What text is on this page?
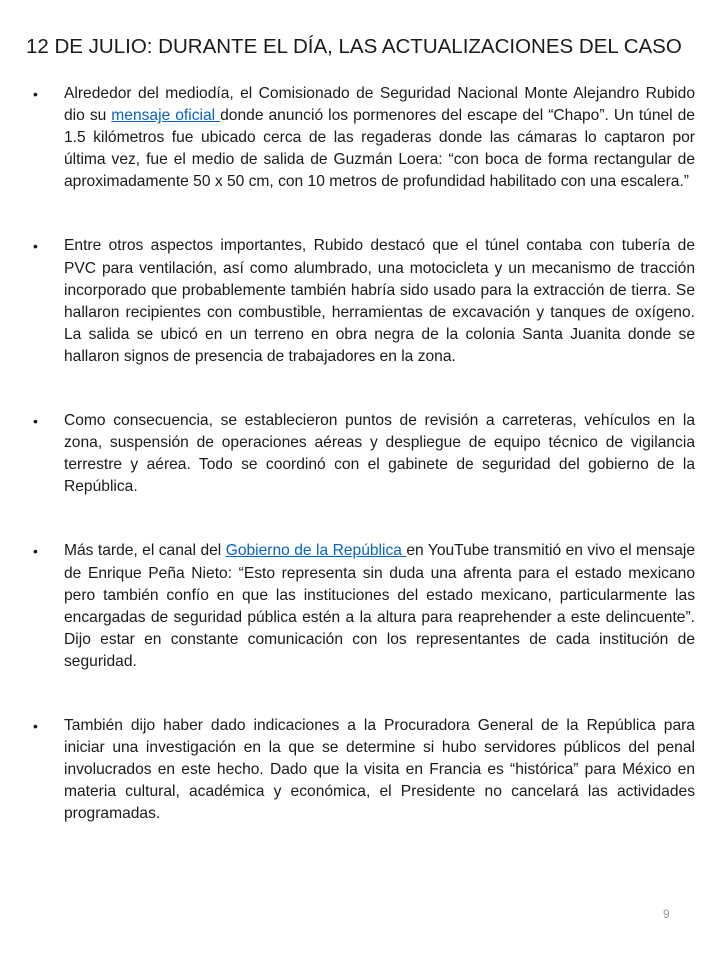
12 DE JULIO: DURANTE EL DÍA, LAS ACTUALIZACIONES DEL CASO
• Alrededor del mediodía, el Comisionado de Seguridad Nacional Monte Alejandro Rubido dio su mensaje oficial donde anunció los pormenores del escape del “Chapo”. Un túnel de 1.5 kilómetros fue ubicado cerca de las regaderas donde las cámaras lo captaron por última vez, fue el medio de salida de Guzmán Loera: “con boca de forma rectangular de aproximadamente 50 x 50 cm, con 10 metros de profundidad habilitado con una escalera.”
• Entre otros aspectos importantes, Rubido destacó que el túnel contaba con tubería de PVC para ventilación, así como alumbrado, una motocicleta y un mecanismo de tracción incorporado que probablemente también habría sido usado para la extracción de tierra. Se hallaron recipientes con combustible, herramientas de excavación y tanques de oxígeno. La salida se ubicó en un terreno en obra negra de la colonia Santa Juanita donde se hallaron signos de presencia de trabajadores en la zona.
• Como consecuencia, se establecieron puntos de revisión a carreteras, vehículos en la zona, suspensión de operaciones aéreas y despliegue de equipo técnico de vigilancia terrestre y aérea. Todo se coordinó con el gabinete de seguridad del gobierno de la República.
• Más tarde, el canal del Gobierno de la República en YouTube transmitió en vivo el mensaje de Enrique Peña Nieto: “Esto representa sin duda una afrenta para el estado mexicano pero también confío en que las instituciones del estado mexicano, particularmente las encargadas de seguridad pública estén a la altura para reaprehender a este delincuente”. Dijo estar en constante comunicación con los representantes de cada institución de seguridad.
• También dijo haber dado indicaciones a la Procuradora General de la República para iniciar una investigación en la que se determine si hubo servidores públicos del penal involucrados en este hecho. Dado que la visita en Francia es “histórica” para México en materia cultural, académica y económica, el Presidente no cancelará las actividades programadas.
9
